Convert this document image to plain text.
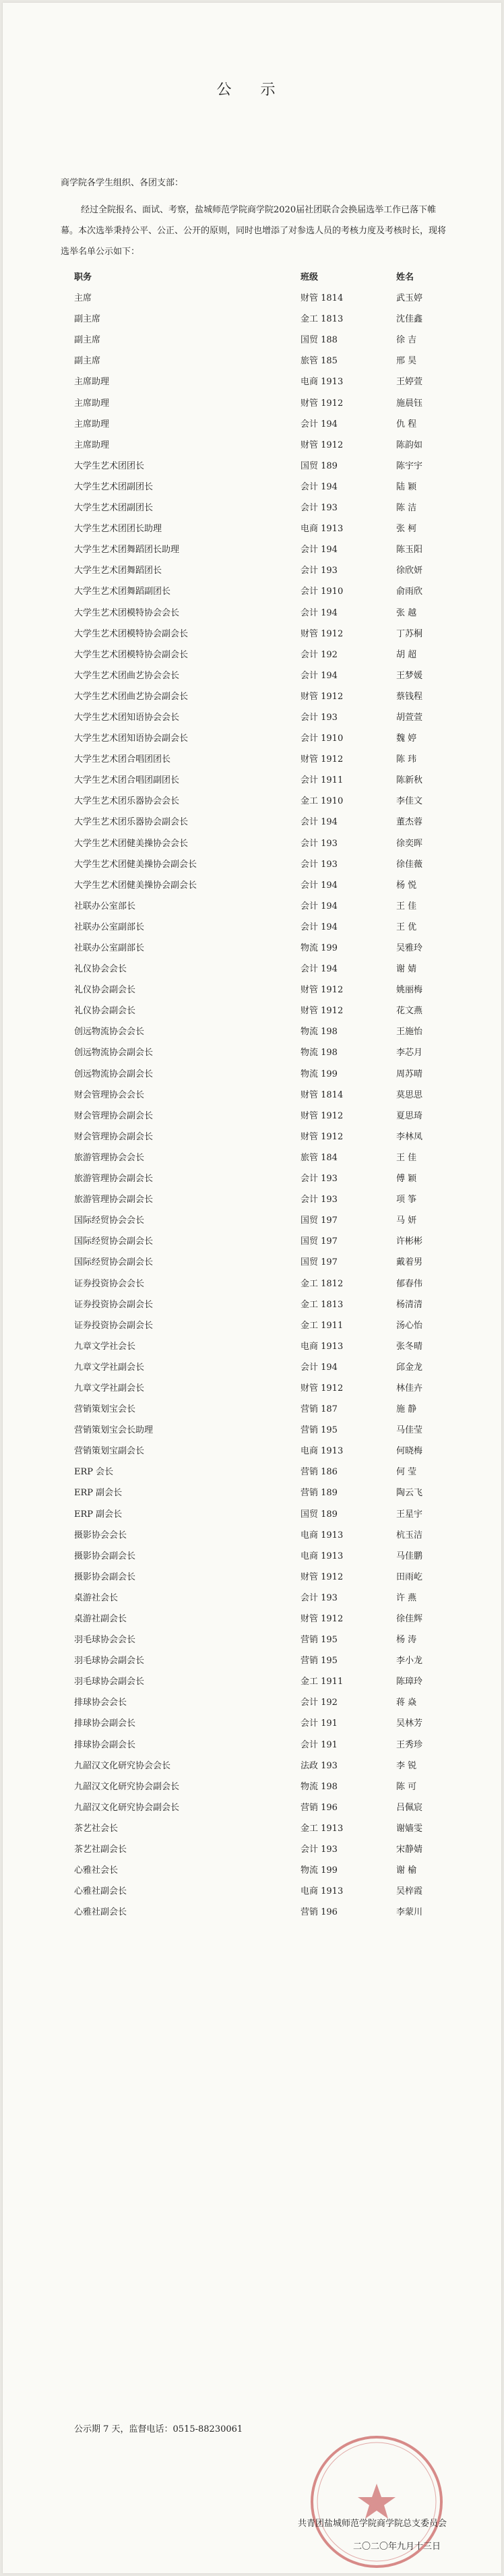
公 示
商学院各学生组织、各团支部：
经过全院报名、面试、考察，盐城师范学院商学院2020届社团联合会换届选举工作已落下帷幕。本次选举秉持公平、公正、公开的原则，同时也增添了对参选人员的考核力度及考核时长，现将选举名单公示如下：
职务	班级	姓名
主席	财管 1814	武玉婷
副主席	金工 1813	沈佳鑫
副主席	国贸 188	徐 吉
副主席	旅管 185	邢 昊
主席助理	电商 1913	王婷萱
主席助理	财管 1912	施晨钰
主席助理	会计 194	仇 程
主席助理	财管 1912	陈韵如
大学生艺术团团长	国贸 189	陈宇宇
大学生艺术团副团长	会计 194	陆 颖
大学生艺术团副团长	会计 193	陈 洁
大学生艺术团团长助理	电商 1913	张 柯
大学生艺术团舞蹈团长助理	会计 194	陈玉阳
大学生艺术团舞蹈团长	会计 193	徐欣妍
大学生艺术团舞蹈副团长	会计 1910	俞雨欣
大学生艺术团模特协会会长	会计 194	张 越
大学生艺术团模特协会副会长	财管 1912	丁苏桐
大学生艺术团模特协会副会长	会计 192	胡 超
大学生艺术团曲艺协会会长	会计 194	王梦媛
大学生艺术团曲艺协会副会长	财管 1912	蔡钱程
大学生艺术团知语协会会长	会计 193	胡萱萱
大学生艺术团知语协会副会长	会计 1910	魏 婷
大学生艺术团合唱团团长	财管 1912	陈 玮
大学生艺术团合唱团副团长	会计 1911	陈新秋
大学生艺术团乐器协会会长	金工 1910	李佳文
大学生艺术团乐器协会副会长	会计 194	董杰蓉
大学生艺术团健美操协会会长	会计 193	徐奕晖
大学生艺术团健美操协会副会长	会计 193	徐佳薇
大学生艺术团健美操协会副会长	会计 194	杨 悦
社联办公室部长	会计 194	王 佳
社联办公室副部长	会计 194	王 优
社联办公室副部长	物流 199	吴雅玲
礼仪协会会长	会计 194	谢 婧
礼仪协会副会长	财管 1912	姚丽梅
礼仪协会副会长	财管 1912	花文燕
创远物流协会会长	物流 198	王施怡
创远物流协会副会长	物流 198	李芯月
创远物流协会副会长	物流 199	周苏晴
财会管理协会会长	财管 1814	莫思思
财会管理协会副会长	财管 1912	夏思琦
财会管理协会副会长	财管 1912	李林凤
旅游管理协会会长	旅管 184	王 佳
旅游管理协会副会长	会计 193	傅 颖
旅游管理协会副会长	会计 193	项 筝
国际经贸协会会长	国贸 197	马 妍
国际经贸协会副会长	国贸 197	许彬彬
国际经贸协会副会长	国贸 197	戴着男
证券投资协会会长	金工 1812	郁春伟
证券投资协会副会长	金工 1813	杨清清
证券投资协会副会长	金工 1911	汤心怡
九章文学社会长	电商 1913	张冬晴
九章文学社副会长	会计 194	邱金龙
九章文学社副会长	财管 1912	林佳卉
营销策划宝会长	营销 187	施 静
营销策划宝会长助理	营销 195	马佳莹
营销策划宝副会长	电商 1913	何晓梅
ERP 会长	营销 186	何 莹
ERP 副会长	营销 189	陶云飞
ERP 副会长	国贸 189	王星宇
摄影协会会长	电商 1913	杭玉洁
摄影协会副会长	电商 1913	马佳鹏
摄影协会副会长	财管 1912	田雨屹
桌游社会长	会计 193	许 燕
桌游社副会长	财管 1912	徐佳辉
羽毛球协会会长	营销 195	杨 涛
羽毛球协会副会长	营销 195	李小龙
羽毛球协会副会长	金工 1911	陈璋玲
排球协会会长	会计 192	蒋 焱
排球协会副会长	会计 191	吴林芳
排球协会副会长	会计 191	王秀珍
九韶汉文化研究协会会长	法政 193	李 锐
九韶汉文化研究协会副会长	物流 198	陈 可
九韶汉文化研究协会副会长	营销 196	吕佩宸
茶艺社会长	金工 1913	谢嫱雯
茶艺社副会长	会计 193	宋静婧
心雅社会长	物流 199	谢 榆
心雅社副会长	电商 1913	吴梓霞
心雅社副会长	营销 196	李蒙川
公示期 7 天，监督电话：0515-88230061
共青团盐城师范学院商学院总支委员会
二〇二〇年九月十三日
